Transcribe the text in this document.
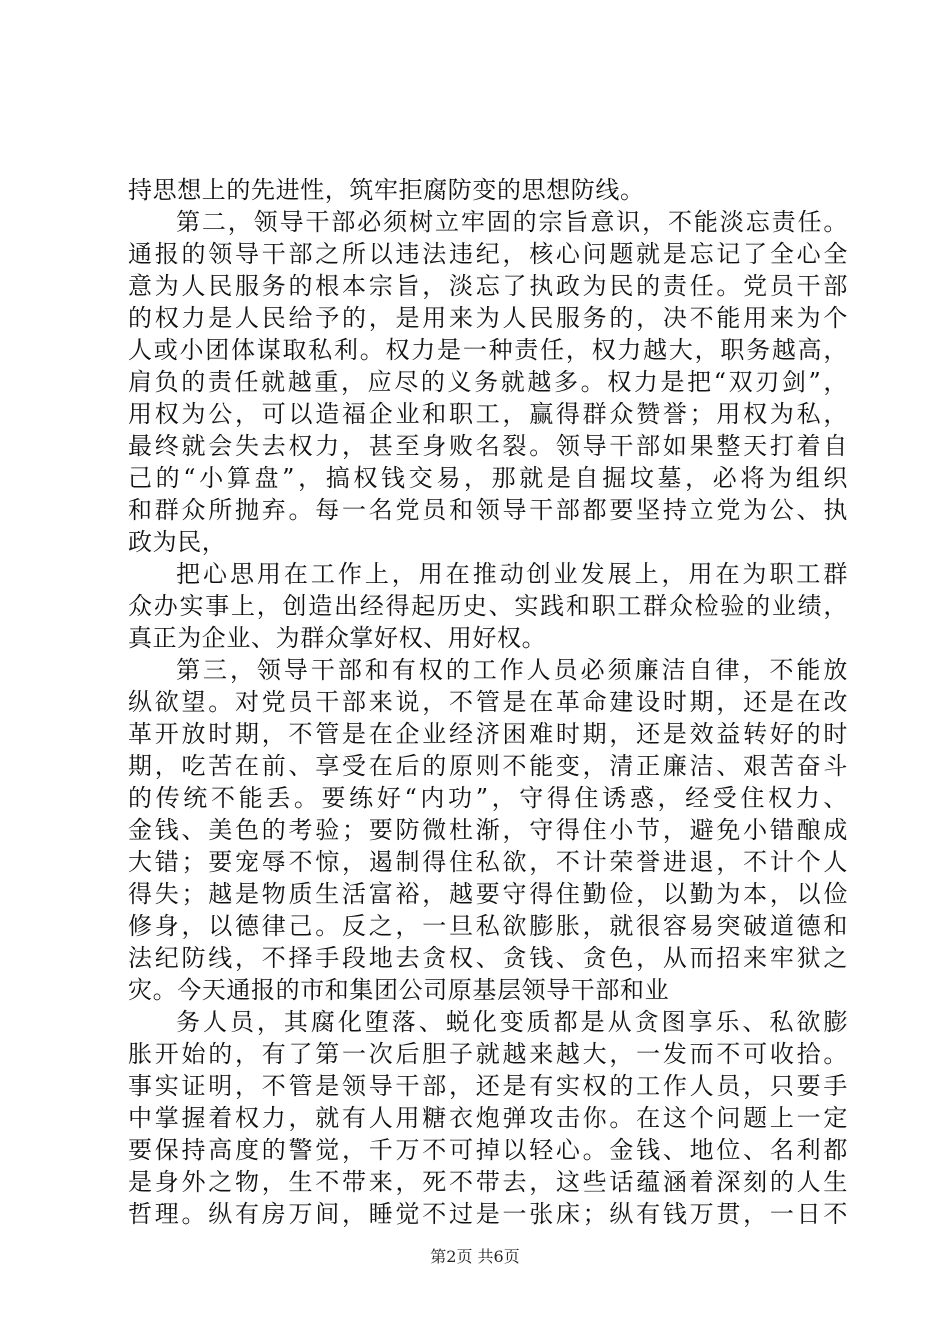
持思想上的先进性，筑牢拒腐防变的思想防线。
第二，领导干部必须树立牢固的宗旨意识，不能淡忘责任。
通报的领导干部之所以违法违纪，核心问题就是忘记了全心全
意为人民服务的根本宗旨，淡忘了执政为民的责任。党员干部
的权力是人民给予的，是用来为人民服务的，决不能用来为个
人或小团体谋取私利。权力是一种责任，权力越大，职务越高，
肩负的责任就越重，应尽的义务就越多。权力是把“双刃剑”，
用权为公，可以造福企业和职工，赢得群众赞誉；用权为私，
最终就会失去权力，甚至身败名裂。领导干部如果整天打着自
己的“小算盘”，搞权钱交易，那就是自掘坟墓，必将为组织
和群众所抛弃。每一名党员和领导干部都要坚持立党为公、执
政为民，
把心思用在工作上，用在推动创业发展上，用在为职工群
众办实事上，创造出经得起历史、实践和职工群众检验的业绩，
真正为企业、为群众掌好权、用好权。
第三，领导干部和有权的工作人员必须廉洁自律，不能放
纵欲望。对党员干部来说，不管是在革命建设时期，还是在改
革开放时期，不管是在企业经济困难时期，还是效益转好的时
期，吃苦在前、享受在后的原则不能变，清正廉洁、艰苦奋斗
的传统不能丢。要练好“内功”，守得住诱惑，经受住权力、
金钱、美色的考验；要防微杜渐，守得住小节，避免小错酿成
大错；要宠辱不惊，遏制得住私欲，不计荣誉进退，不计个人
得失；越是物质生活富裕，越要守得住勤俭，以勤为本，以俭
修身，以德律己。反之，一旦私欲膨胀，就很容易突破道德和
法纪防线，不择手段地去贪权、贪钱、贪色，从而招来牢狱之
灾。今天通报的市和集团公司原基层领导干部和业
务人员，其腐化堕落、蜕化变质都是从贪图享乐、私欲膨
胀开始的，有了第一次后胆子就越来越大，一发而不可收拾。
事实证明，不管是领导干部，还是有实权的工作人员，只要手
中掌握着权力，就有人用糖衣炮弹攻击你。在这个问题上一定
要保持高度的警觉，千万不可掉以轻心。金钱、地位、名利都
是身外之物，生不带来，死不带去，这些话蕴涵着深刻的人生
哲理。纵有房万间，睡觉不过是一张床；纵有钱万贯，一日不
第2页 共6页
